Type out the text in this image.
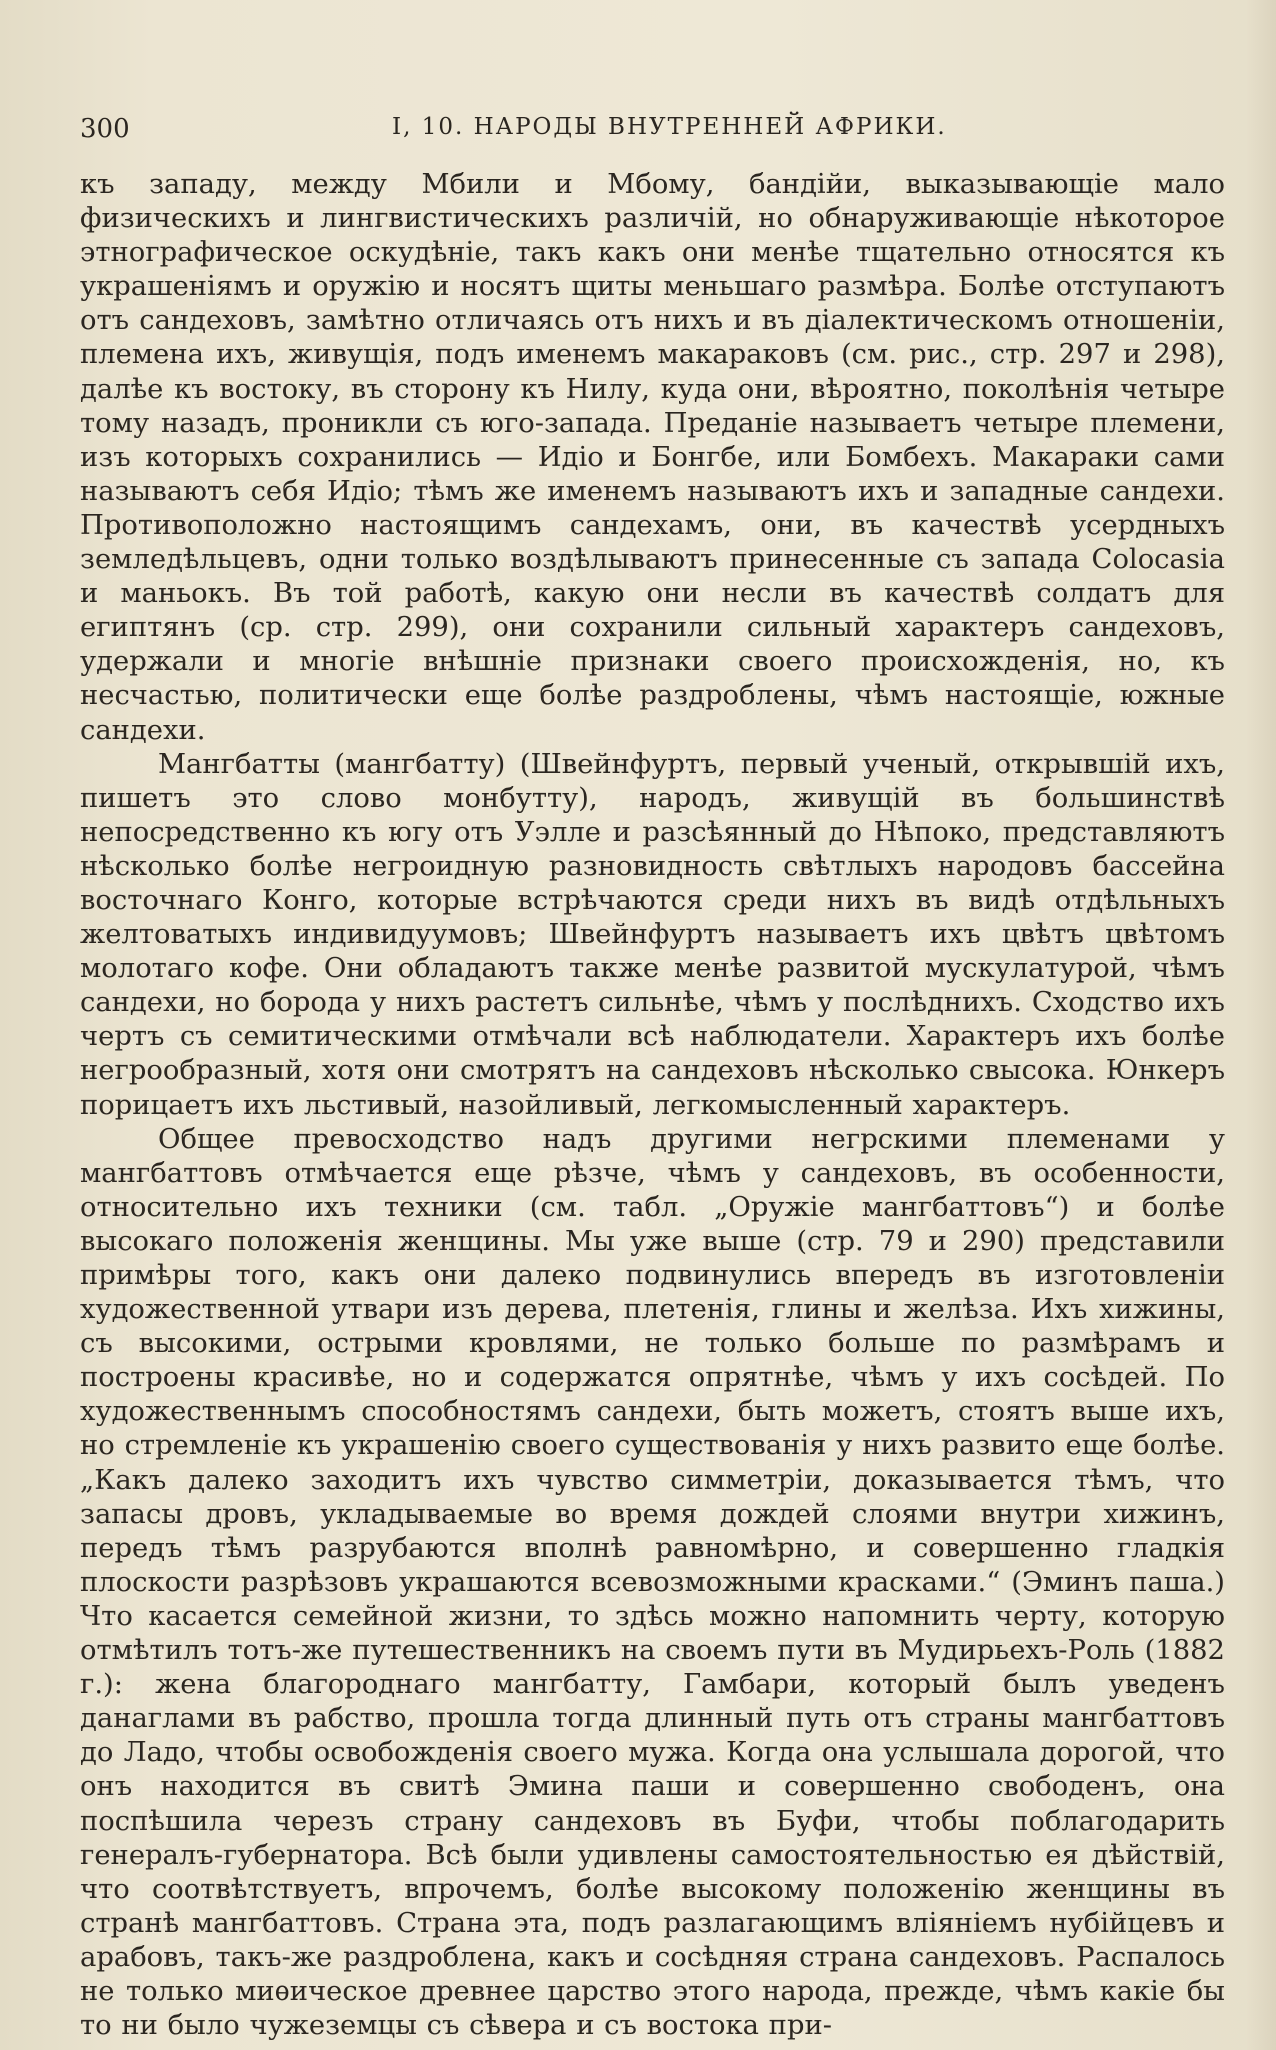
300	I, 10. НАРОДЫ ВНУТРЕННЕЙ АФРИКИ.

къ западу, между Мбили и Мбому, бандійи, выказывающіе мало физическихъ и лингвистическихъ различій, но обнаруживающіе нѣкоторое этнографическое оскудѣніе, такъ какъ они менѣе тщательно относятся къ украшеніямъ и оружію и носятъ щиты меньшаго размѣра. Болѣе отступаютъ отъ сандеховъ, замѣтно отличаясь отъ нихъ и въ діалектическомъ отношеніи, племена ихъ, живущія, подъ именемъ макараковъ (см. рис., стр. 297 и 298), далѣе къ востоку, въ сторону къ Нилу, куда они, вѣроятно, поколѣнія четыре тому назадъ, проникли съ юго-запада. Преданіе называетъ четыре племени, изъ которыхъ сохранились — Идіо и Бонгбе, или Бомбехъ. Макараки сами называютъ себя Идіо; тѣмъ же именемъ называютъ ихъ и западные сандехи. Противоположно настоящимъ сандехамъ, они, въ качествѣ усердныхъ земледѣльцевъ, одни только воздѣлываютъ принесенные съ запада Colocasia и маньокъ. Въ той работѣ, какую они несли въ качествѣ солдатъ для египтянъ (ср. стр. 299), они сохранили сильный характеръ сандеховъ, удержали и многіе внѣшніе признаки своего происхожденія, но, къ несчастью, политически еще болѣе раздроблены, чѣмъ настоящіе, южные сандехи.

Мангбатты (мангбатту) (Швейнфуртъ, первый ученый, открывшій ихъ, пишетъ это слово монбутту), народъ, живущій въ большинствѣ непосредственно къ югу отъ Уэлле и разсѣянный до Нѣпоко, представляютъ нѣсколько болѣе негроидную разновидность свѣтлыхъ народовъ бассейна восточнаго Конго, которые встрѣчаются среди нихъ въ видѣ отдѣльныхъ желтоватыхъ индивидуумовъ; Швейнфуртъ называетъ ихъ цвѣтъ цвѣтомъ молотаго кофе. Они обладаютъ также менѣе развитой мускулатурой, чѣмъ сандехи, но борода у нихъ растетъ сильнѣе, чѣмъ у послѣднихъ. Сходство ихъ чертъ съ семитическими отмѣчали всѣ наблюдатели. Характеръ ихъ болѣе негрообразный, хотя они смотрятъ на сандеховъ нѣсколько свысока. Юнкеръ порицаетъ ихъ льстивый, назойливый, легкомысленный характеръ.

Общее превосходство надъ другими негрскими племенами у мангбаттовъ отмѣчается еще рѣзче, чѣмъ у сандеховъ, въ особенности, относительно ихъ техники (см. табл. „Оружіе мангбаттовъ“) и болѣе высокаго положенія женщины. Мы уже выше (стр. 79 и 290) представили примѣры того, какъ они далеко подвинулись впередъ въ изготовленіи художественной утвари изъ дерева, плетенія, глины и желѣза. Ихъ хижины, съ высокими, острыми кровлями, не только больше по размѣрамъ и построены красивѣе, но и содержатся опрятнѣе, чѣмъ у ихъ сосѣдей. По художественнымъ способностямъ сандехи, быть можетъ, стоятъ выше ихъ, но стремленіе къ украшенію своего существованія у нихъ развито еще болѣе. „Какъ далеко заходитъ ихъ чувство симметріи, доказывается тѣмъ, что запасы дровъ, укладываемые во время дождей слоями внутри хижинъ, передъ тѣмъ разрубаются вполнѣ равномѣрно, и совершенно гладкія плоскости разрѣзовъ украшаются всевозможными красками.“ (Эминъ паша.) Что касается семейной жизни, то здѣсь можно напомнить черту, которую отмѣтилъ тотъ-же путешественникъ на своемъ пути въ Мудирьехъ-Роль (1882 г.): жена благороднаго мангбатту, Гамбари, который былъ уведенъ данаглами въ рабство, прошла тогда длинный путь отъ страны мангбаттовъ до Ладо, чтобы освобожденія своего мужа. Когда она услышала дорогой, что онъ находится въ свитѣ Эмина паши и совершенно свободенъ, она поспѣшила черезъ страну сандеховъ въ Буфи, чтобы поблагодарить генералъ-губернатора. Всѣ были удивлены самостоятельностью ея дѣйствій, что соотвѣтствуетъ, впрочемъ, болѣе высокому положенію женщины въ странѣ мангбаттовъ. Страна эта, подъ разлагающимъ вліяніемъ нубійцевъ и арабовъ, такъ-же раздроблена, какъ и соcѣдняя страна сандеховъ. Распалось не только миѳическое древнее царство этого народа, прежде, чѣмъ какіе бы то ни было чужеземцы съ сѣвера и съ востока при-
